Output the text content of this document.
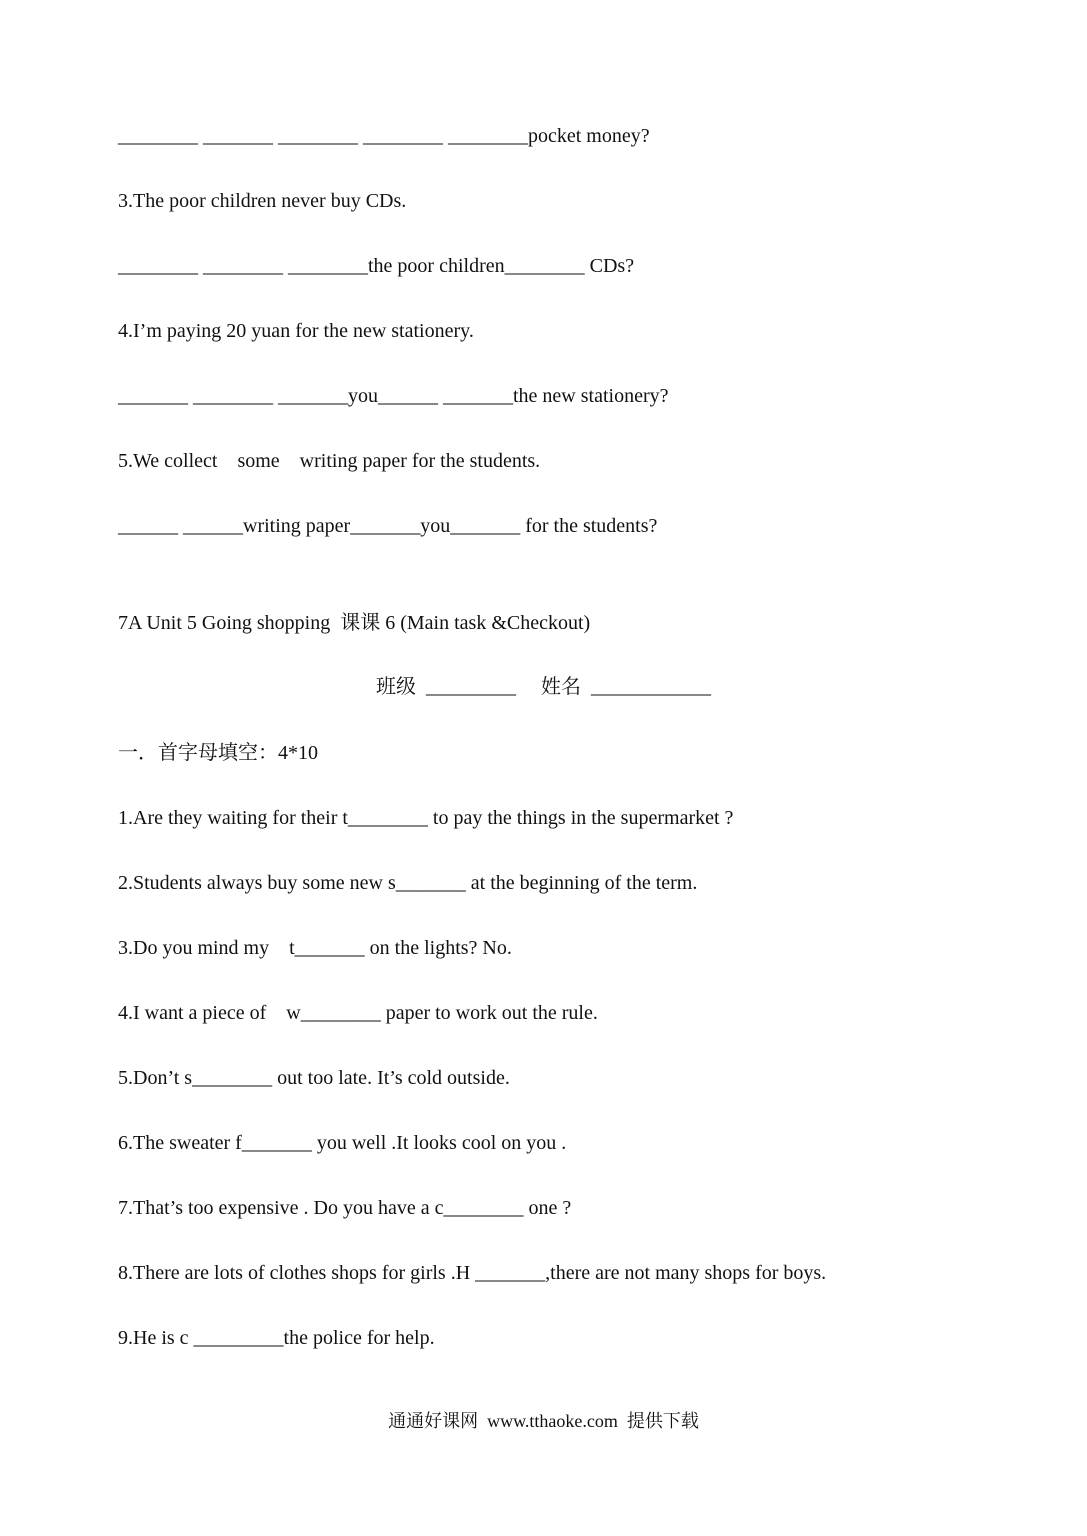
________ _______ ________ ________ ________pocket money?
3.The poor children never buy CDs.
________ ________ ________the poor children________ CDs?
4.I’m paying 20 yuan for the new stationery.
_______ ________ _______you______ _______the new stationery?
5.We collect    some    writing paper for the students.
______ ______writing paper_______you_______ for the students?
7A Unit 5 Going shopping  课课 6 (Main task &Checkout)
班级  _________     姓名  ____________
一．首字母填空：4*10
1.Are they waiting for their t________ to pay the things in the supermarket ?
2.Students always buy some new s_______ at the beginning of the term.
3.Do you mind my    t_______ on the lights? No.
4.I want a piece of    w________ paper to work out the rule.
5.Don’t s________ out too late. It’s cold outside.
6.The sweater f_______ you well .It looks cool on you .
7.That’s too expensive . Do you have a c________ one ?
8.There are lots of clothes shops for girls .H _______,there are not many shops for boys.
9.He is c _________the police for help.
通通好课网  www.tthaoke.com  提供下载
